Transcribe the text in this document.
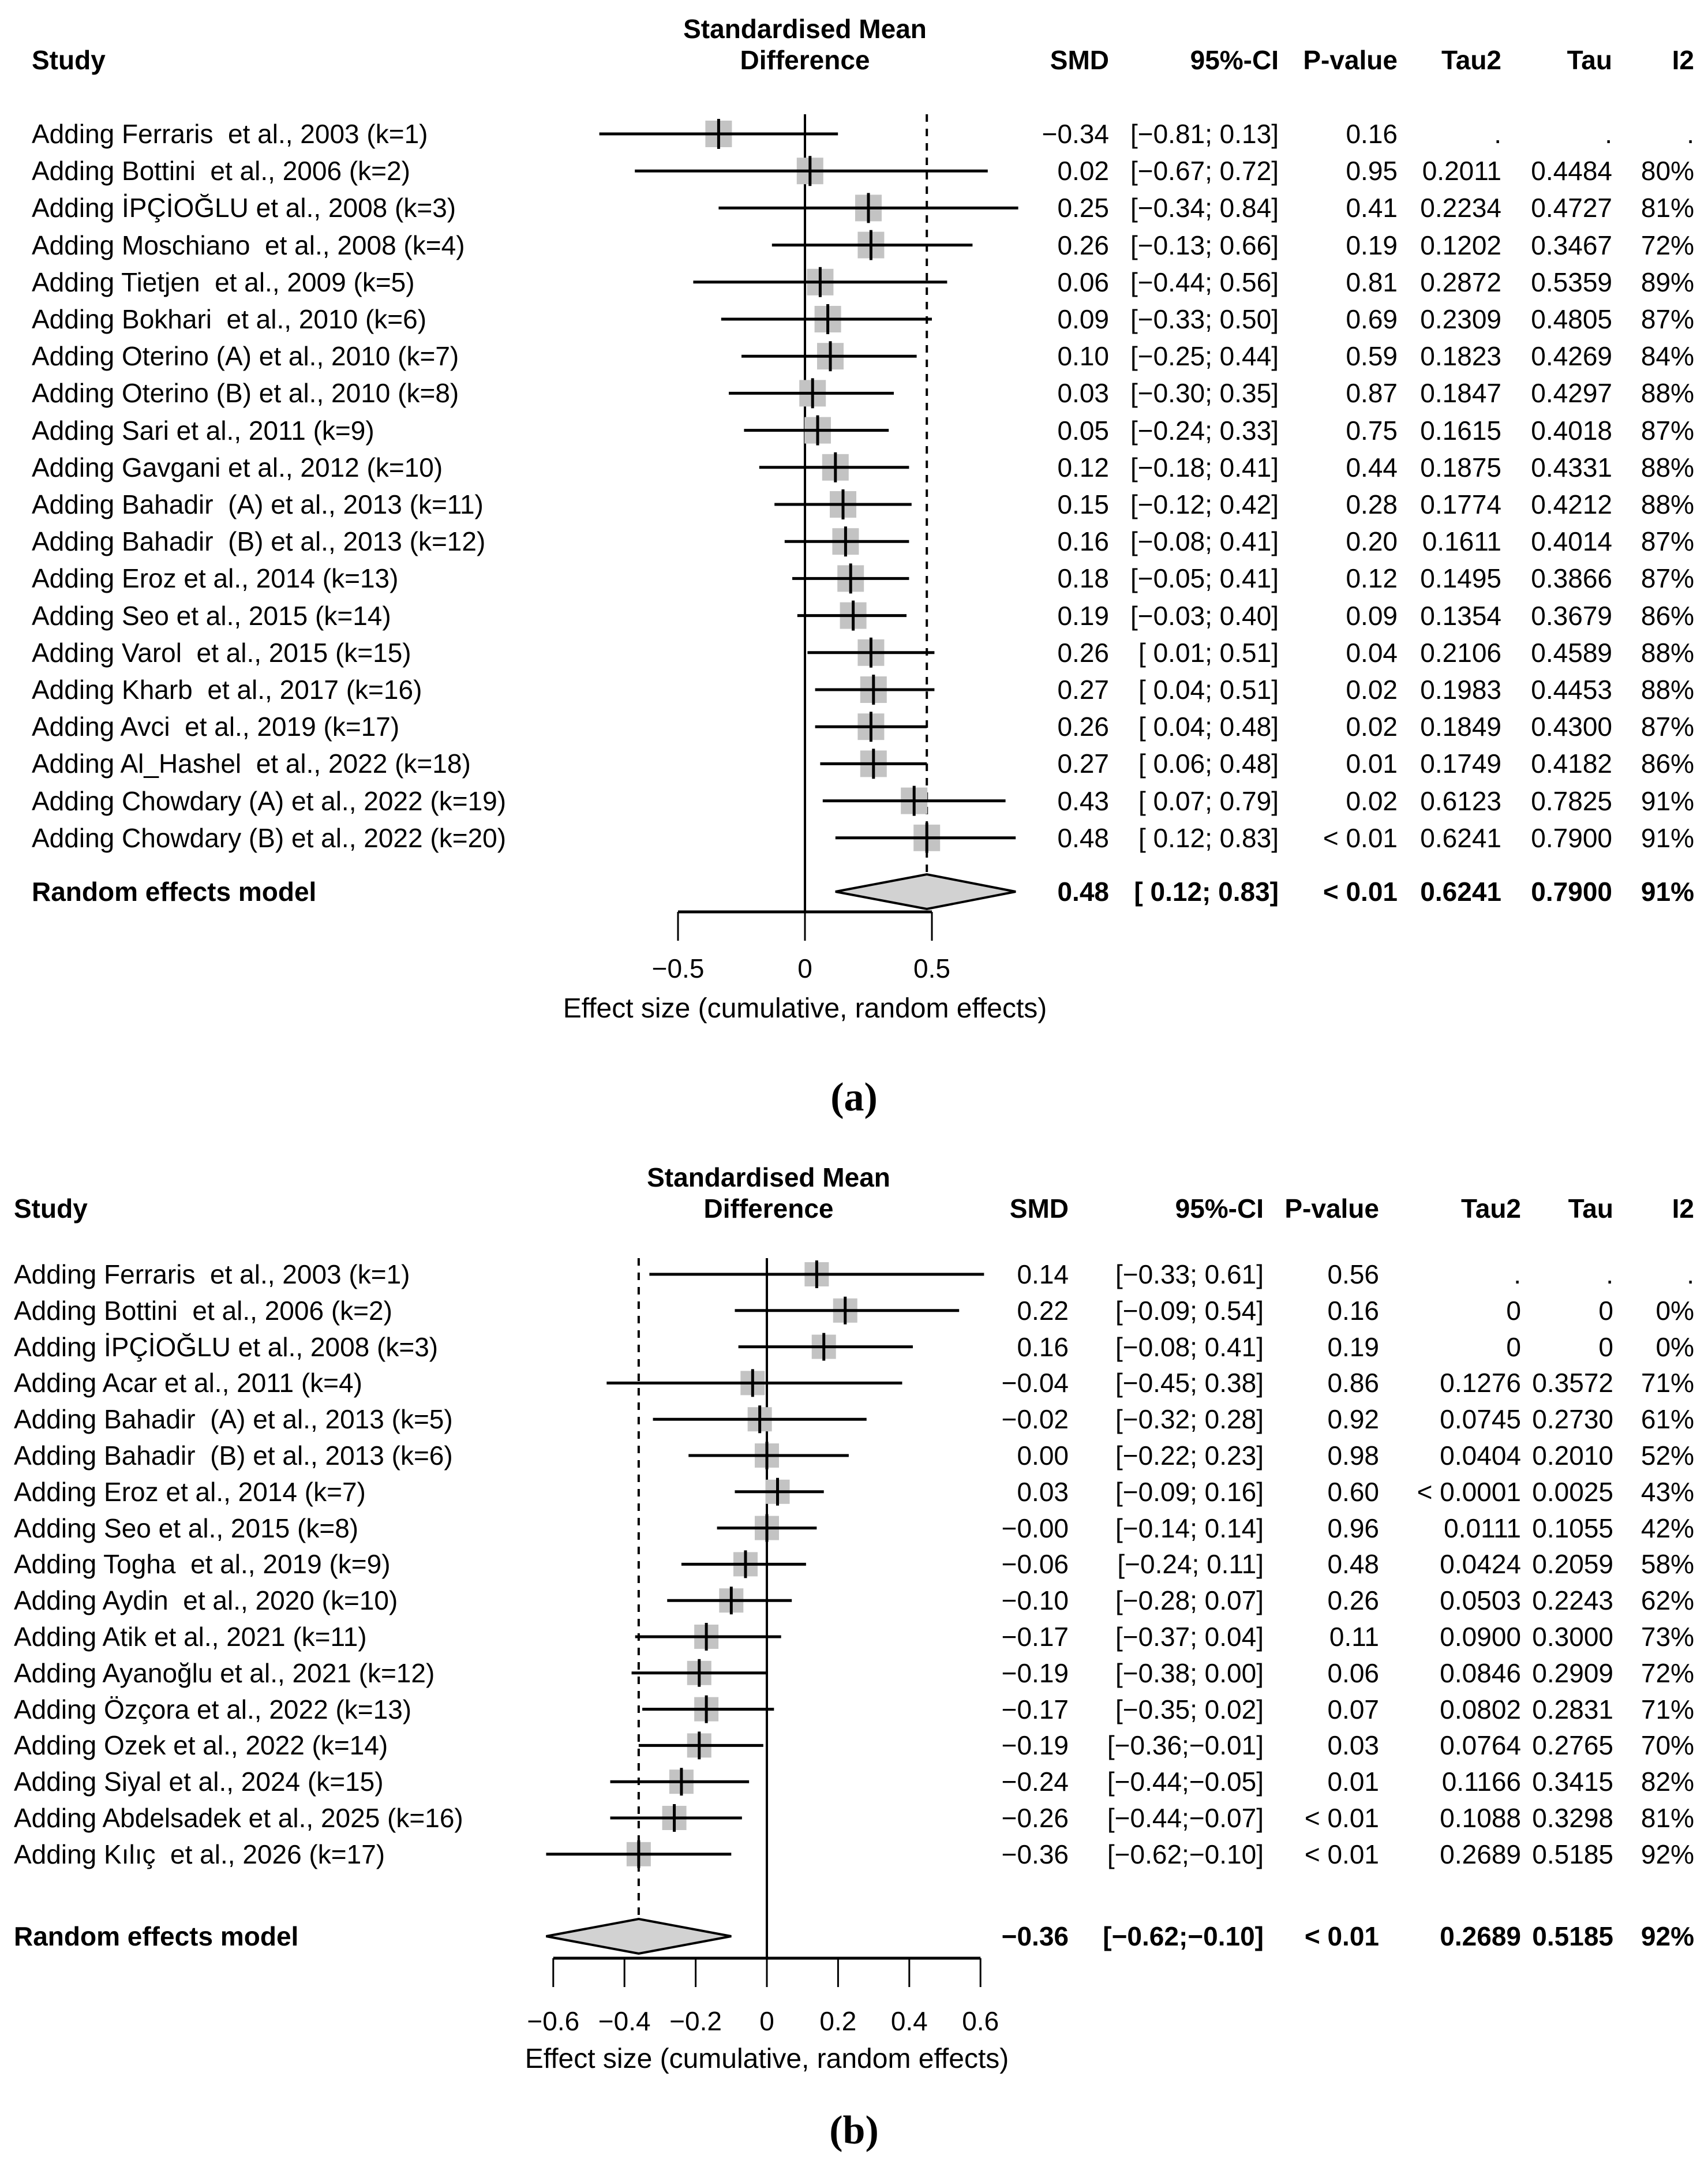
Standardised Mean
Difference
Study	SMD	95%-CI P-value Tau2 Tau I2
Adding Ferraris  et al., 2003 (k=1)	−0.34 [−0.81; 0.13]	0.16	.	.	.
Adding Bottini  et al., 2006 (k=2)	0.02 [−0.67; 0.72]	0.95 0.2011 0.4484 80%
Adding İPÇİOĞLU et al., 2008 (k=3)	0.25 [−0.34; 0.84]	0.41 0.2234 0.4727 81%
Adding Moschiano  et al., 2008 (k=4)	0.26 [−0.13; 0.66]	0.19 0.1202 0.3467 72%
Adding Tietjen  et al., 2009 (k=5)	0.06 [−0.44; 0.56]	0.81 0.2872 0.5359 89%
Adding Bokhari  et al., 2010 (k=6)	0.09 [−0.33; 0.50]	0.69 0.2309 0.4805 87%
Adding Oterino (A) et al., 2010 (k=7)	0.10 [−0.25; 0.44]	0.59 0.1823 0.4269 84%
Adding Oterino (B) et al., 2010 (k=8)	0.03 [−0.30; 0.35]	0.87 0.1847 0.4297 88%
Adding Sari et al., 2011 (k=9)	0.05 [−0.24; 0.33]	0.75 0.1615 0.4018 87%
Adding Gavgani et al., 2012 (k=10)	0.12 [−0.18; 0.41]	0.44 0.1875 0.4331 88%
Adding Bahadir  (A) et al., 2013 (k=11)	0.15 [−0.12; 0.42]	0.28 0.1774 0.4212 88%
Adding Bahadir  (B) et al., 2013 (k=12)	0.16 [−0.08; 0.41]	0.20 0.1611 0.4014 87%
Adding Eroz et al., 2014 (k=13)	0.18 [−0.05; 0.41]	0.12 0.1495 0.3866 87%
Adding Seo et al., 2015 (k=14)	0.19 [−0.03; 0.40]	0.09 0.1354 0.3679 86%
Adding Varol  et al., 2015 (k=15)	0.26 [ 0.01; 0.51]	0.04 0.2106 0.4589 88%
Adding Kharb  et al., 2017 (k=16)	0.27 [ 0.04; 0.51]	0.02 0.1983 0.4453 88%
Adding Avci  et al., 2019 (k=17)	0.26 [ 0.04; 0.48]	0.02 0.1849 0.4300 87%
Adding Al_Hashel  et al., 2022 (k=18)	0.27 [ 0.06; 0.48]	0.01 0.1749 0.4182 86%
Adding Chowdary (A) et al., 2022 (k=19)	0.43 [ 0.07; 0.79]	0.02 0.6123 0.7825 91%
Adding Chowdary (B) et al., 2022 (k=20)	0.48 [ 0.12; 0.83] < 0.01 0.6241 0.7900 91%
Random effects model	0.48 [ 0.12; 0.83] < 0.01 0.6241 0.7900 91%
−0.5	0	0.5
Effect size (cumulative, random effects)
Standardised Mean
Difference
Study	SMD	95%-CI P-value	Tau2 Tau I2
Adding Ferraris  et al., 2003 (k=1)	0.14 [−0.33; 0.61] 0.56	.	.	.
Adding Bottini  et al., 2006 (k=2)	0.22 [−0.09; 0.54] 0.16	0	0 0%
Adding İPÇİOĞLU et al., 2008 (k=3)	0.16 [−0.08; 0.41] 0.19	0	0 0%
Adding Acar et al., 2011 (k=4)	−0.04 [−0.45; 0.38] 0.86 0.1276 0.3572 71%
Adding Bahadir  (A) et al., 2013 (k=5)	−0.02 [−0.32; 0.28] 0.92 0.0745 0.2730 61%
Adding Bahadir  (B) et al., 2013 (k=6)	0.00 [−0.22; 0.23] 0.98 0.0404 0.2010 52%
Adding Eroz et al., 2014 (k=7)	0.03 [−0.09; 0.16] 0.60 < 0.0001 0.0025 43%
Adding Seo et al., 2015 (k=8)	−0.00 [−0.14; 0.14] 0.96 0.0111 0.1055 42%
Adding Togha  et al., 2019 (k=9)	−0.06 [−0.24; 0.11] 0.48 0.0424 0.2059 58%
Adding Aydin  et al., 2020 (k=10)	−0.10 [−0.28; 0.07] 0.26 0.0503 0.2243 62%
Adding Atik et al., 2021 (k=11)	−0.17 [−0.37; 0.04] 0.11 0.0900 0.3000 73%
Adding Ayanoğlu et al., 2021 (k=12)	−0.19 [−0.38; 0.00] 0.06 0.0846 0.2909 72%
Adding Özçora et al., 2022 (k=13)	−0.17 [−0.35; 0.02] 0.07 0.0802 0.2831 71%
Adding Ozek et al., 2022 (k=14)	−0.19 [−0.36;−0.01] 0.03 0.0764 0.2765 70%
Adding Siyal et al., 2024 (k=15)	−0.24 [−0.44;−0.05] 0.01 0.1166 0.3415 82%
Adding Abdelsadek et al., 2025 (k=16)	−0.26 [−0.44;−0.07] < 0.01 0.1088 0.3298 81%
Adding Kılıç  et al., 2026 (k=17)	−0.36 [−0.62;−0.10] < 0.01 0.2689 0.5185 92%
Random effects model	−0.36 [−0.62;−0.10] < 0.01 0.2689 0.5185 92%
−0.6 −0.4 −0.2 0 0.2 0.4 0.6
Effect size (cumulative, random effects)
(a)
(b)
